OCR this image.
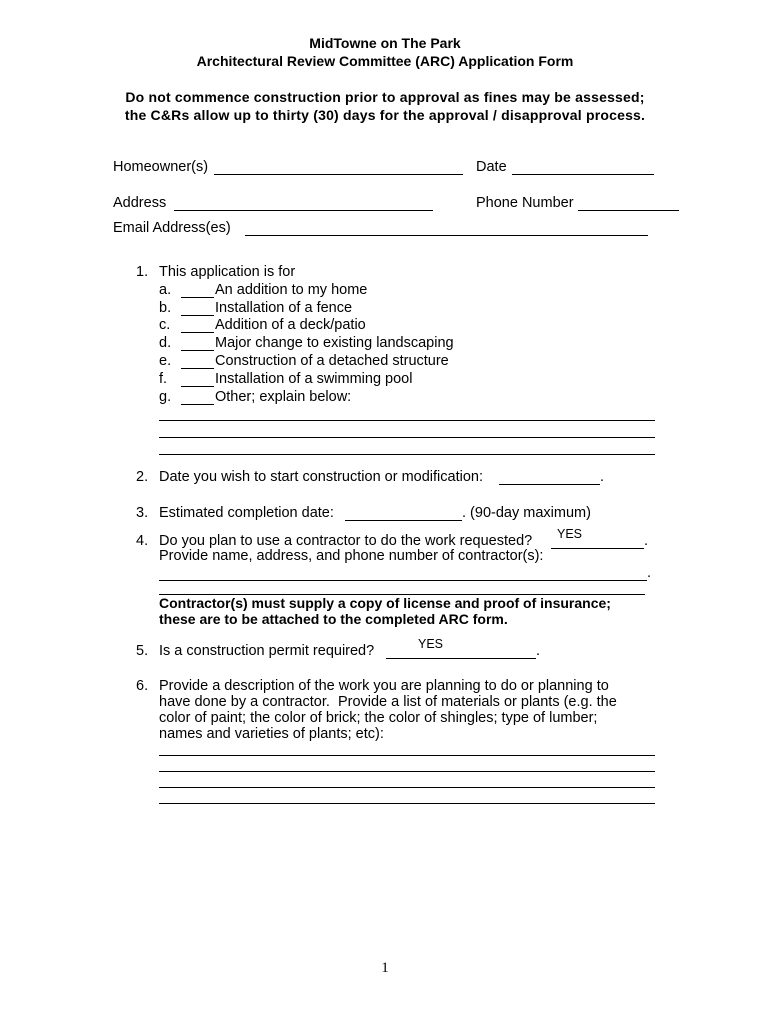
MidTowne on The Park
Architectural Review Committee (ARC) Application Form
Do not commence construction prior to approval as fines may be assessed;
the C&Rs allow up to thirty (30) days for the approval / disapproval process.
Homeowner(s)	Date
Address	Phone Number
Email Address(es)
1. This application is for
a.	An addition to my home
b.	Installation of a fence
c.	Addition of a deck/patio
d.	Major change to existing landscaping
e.	Construction of a detached structure
f.	Installation of a swimming pool
g.	Other; explain below:
2. Date you wish to start construction or modification:	.
3. Estimated completion date:	. (90-day maximum)
4. Do you plan to use a contractor to do the work requested? YES	.
Provide name, address, and phone number of contractor(s):
.
Contractor(s) must supply a copy of license and proof of insurance;
these are to be attached to the completed ARC form.
5. Is a construction permit required?	YES	.
6. Provide a description of the work you are planning to do or planning to
have done by a contractor.  Provide a list of materials or plants (e.g. the
color of paint; the color of brick; the color of shingles; type of lumber;
names and varieties of plants; etc):
1
